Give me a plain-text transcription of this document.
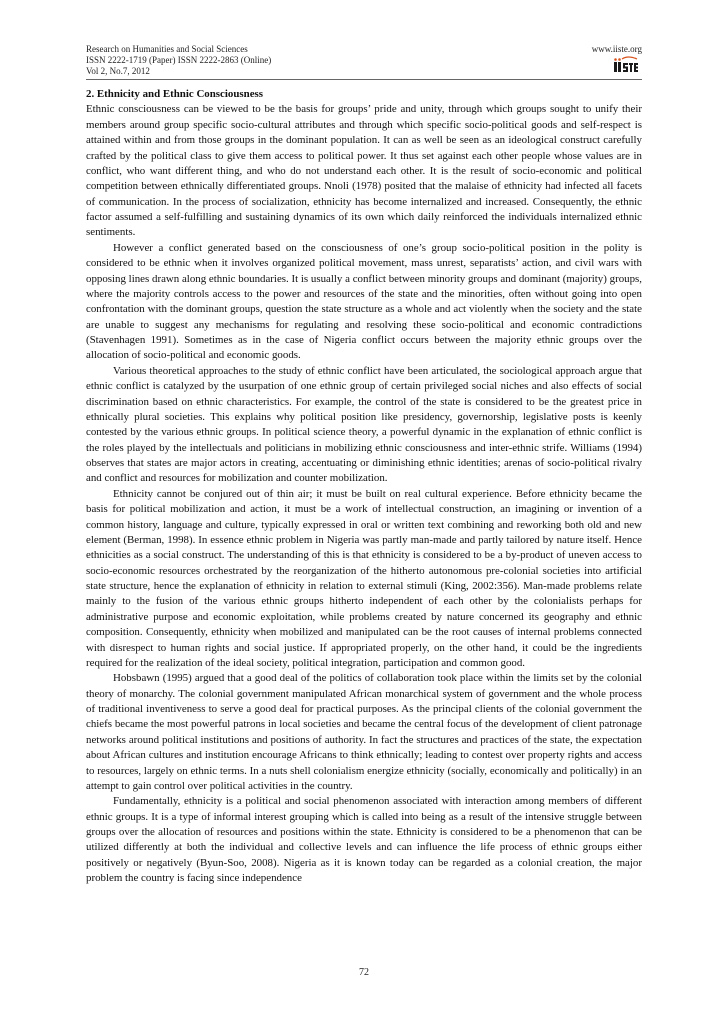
Research on Humanities and Social Sciences
ISSN 2222-1719 (Paper) ISSN 2222-2863 (Online)
Vol 2, No.7, 2012
www.iiste.org
2. Ethnicity and Ethnic Consciousness

Ethnic consciousness can be viewed to be the basis for groups’ pride and unity, through which groups sought to unify their members around group specific socio-cultural attributes and through which specific socio-political goods and self-respect is attained within and from those groups in the dominant population. It can as well be seen as an ideological construct carefully crafted by the political class to give them access to political power. It thus set against each other people whose values are in conflict, who want different thing, and who do not understand each other. It is the result of socio-economic and political competition between ethnically differentiated groups. Nnoli (1978) posited that the malaise of ethnicity had infected all facets of communication. In the process of socialization, ethnicity has become internalized and increased. Consequently, the ethnic factor assumed a self-fulfilling and sustaining dynamics of its own which daily reinforced the individuals internalized ethnic sentiments.

However a conflict generated based on the consciousness of one’s group socio-political position in the polity is considered to be ethnic when it involves organized political movement, mass unrest, separatists’ action, and civil wars with opposing lines drawn along ethnic boundaries. It is usually a conflict between minority groups and dominant (majority) groups, where the majority controls access to the power and resources of the state and the minorities, often without going into open confrontation with the dominant groups, question the state structure as a whole and act violently when the society and the state are unable to suggest any mechanisms for regulating and resolving these socio-political and economic contradictions (Stavenhagen 1991). Sometimes as in the case of Nigeria conflict occurs between the majority ethnic groups over the allocation of socio-political and economic goods.

Various theoretical approaches to the study of ethnic conflict have been articulated, the sociological approach argue that ethnic conflict is catalyzed by the usurpation of one ethnic group of certain privileged social niches and also effects of social discrimination based on ethnic characteristics. For example, the control of the state is considered to be the greatest price in ethnically plural societies. This explains why political position like presidency, governorship, legislative posts is keenly contested by the various ethnic groups. In political science theory, a powerful dynamic in the explanation of ethnic conflict is the roles played by the intellectuals and politicians in mobilizing ethnic consciousness and inter-ethnic strife. Williams (1994) observes that states are major actors in creating, accentuating or diminishing ethnic identities; arenas of socio-political rivalry and conflict and resources for mobilization and counter mobilization.

Ethnicity cannot be conjured out of thin air; it must be built on real cultural experience. Before ethnicity became the basis for political mobilization and action, it must be a work of intellectual construction, an imagining or invention of a common history, language and culture, typically expressed in oral or written text combining and reworking both old and new element (Berman, 1998). In essence ethnic problem in Nigeria was partly man-made and partly tailored by nature itself. Hence ethnicities as a social construct. The understanding of this is that ethnicity is considered to be a by-product of uneven access to socio-economic resources orchestrated by the reorganization of the hitherto autonomous pre-colonial societies into artificial state structure, hence the explanation of ethnicity in relation to external stimuli (King, 2002:356). Man-made problems relate mainly to the fusion of the various ethnic groups hitherto independent of each other by the colonialists perhaps for administrative purpose and economic exploitation, while problems created by nature concerned its geography and ethnic composition. Consequently, ethnicity when mobilized and manipulated can be the root causes of internal problems connected with disrespect to human rights and social justice. If appropriated properly, on the other hand, it could be the ingredients required for the realization of the ideal society, political integration, participation and common good.

Hobsbawn (1995) argued that a good deal of the politics of collaboration took place within the limits set by the colonial theory of monarchy. The colonial government manipulated African monarchical system of government and the whole process of traditional inventiveness to serve a good deal for practical purposes. As the principal clients of the colonial government the chiefs became the most powerful patrons in local societies and became the central focus of the development of client patronage networks around political institutions and positions of authority. In fact the structures and practices of the state, the expectation about African cultures and institution encourage Africans to think ethnically; leading to contest over property rights and access to resources, largely on ethnic terms. In a nuts shell colonialism energize ethnicity (socially, economically and politically) in an attempt to gain control over political activities in the country.

Fundamentally, ethnicity is a political and social phenomenon associated with interaction among members of different ethnic groups. It is a type of informal interest grouping which is called into being as a result of the intensive struggle between groups over the allocation of resources and positions within the state. Ethnicity is considered to be a phenomenon that can be utilized differently at both the individual and collective levels and can influence the life process of ethnic groups either positively or negatively (Byun-Soo, 2008). Nigeria as it is known today can be regarded as a colonial creation, the major problem the country is facing since independence

72
